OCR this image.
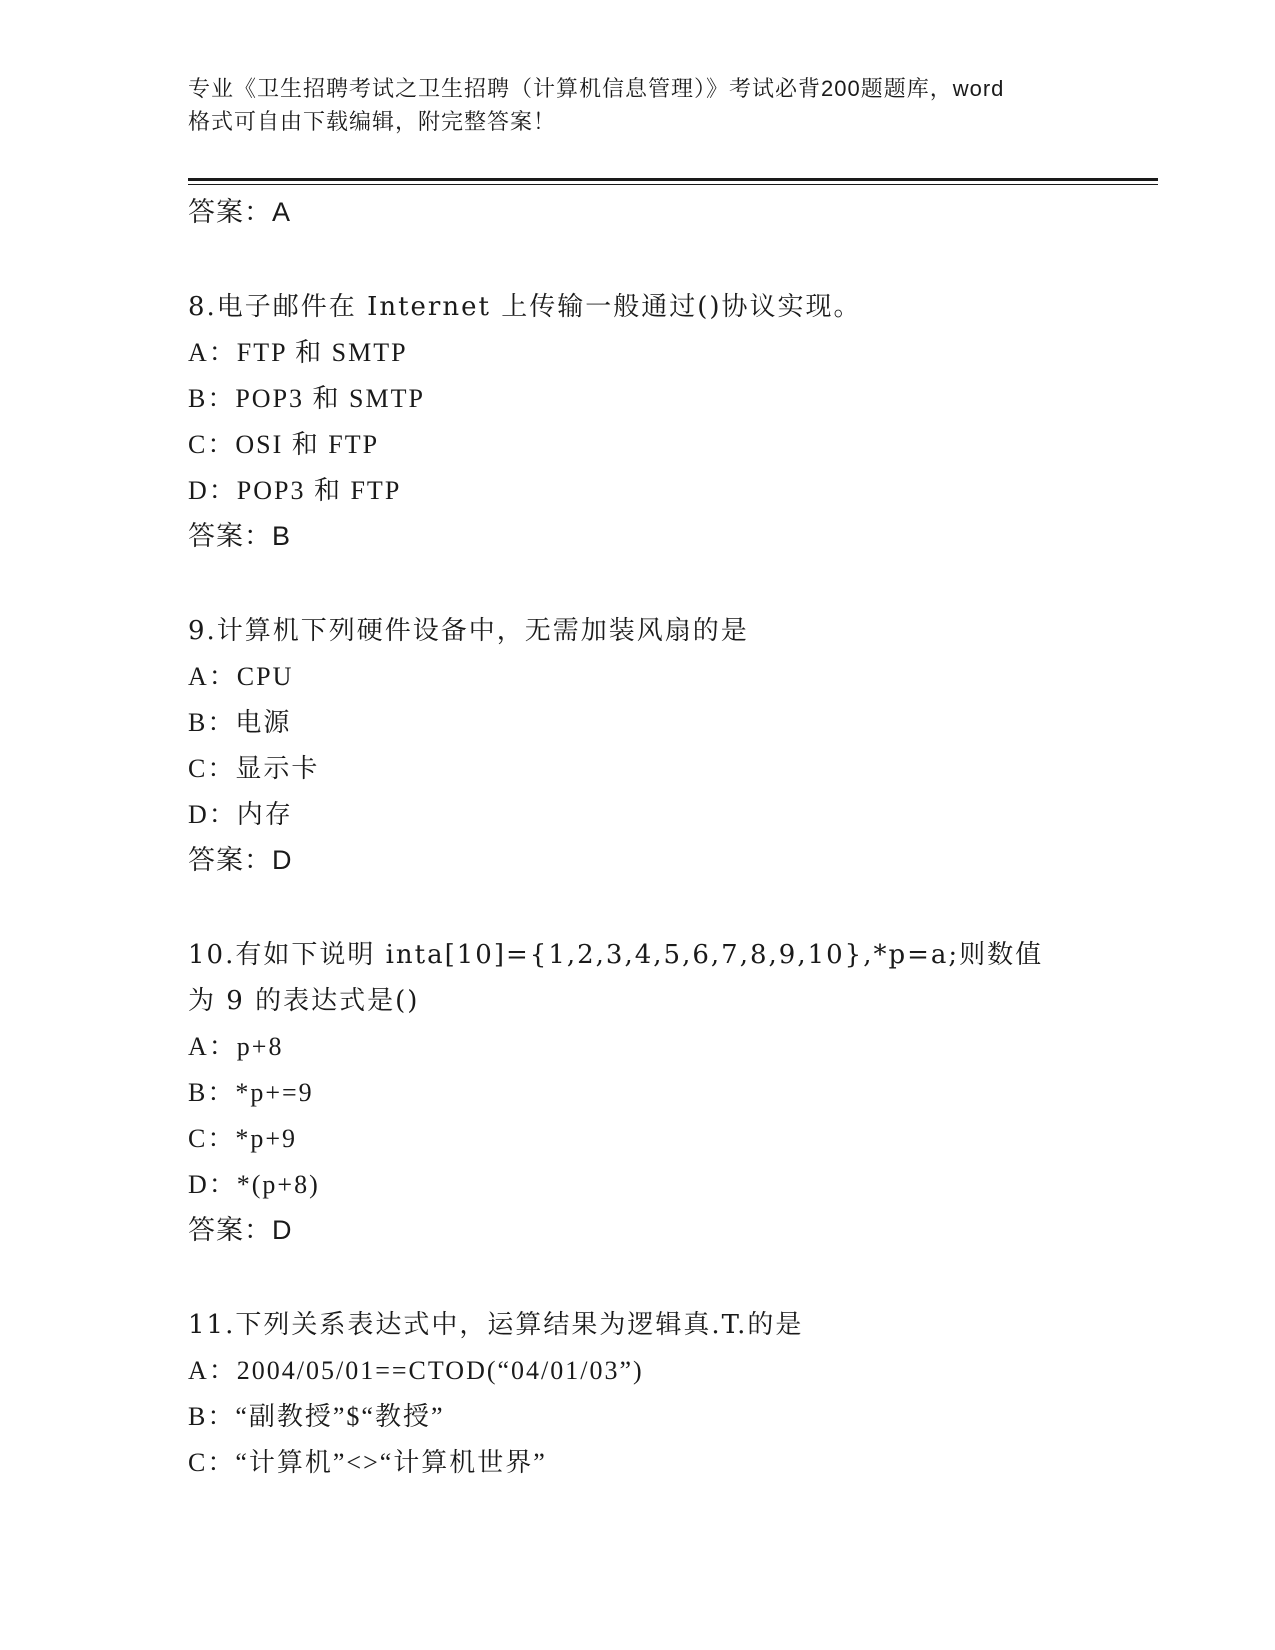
专业《卫生招聘考试之卫生招聘（计算机信息管理）》考试必背200题题库，word
格式可自由下载编辑，附完整答案！
答案：A
8.电子邮件在 Internet 上传输一般通过()协议实现。
A：FTP 和 SMTP
B：POP3 和 SMTP
C：OSI 和 FTP
D：POP3 和 FTP
答案：B
9.计算机下列硬件设备中，无需加装风扇的是
A：CPU
B：电源
C：显示卡
D：内存
答案：D
10.有如下说明 inta[10]={1,2,3,4,5,6,7,8,9,10},*p=a;则数值为 9 的表达式是()
A：p+8
B：*p+=9
C：*p+9
D：*(p+8)
答案：D
11.下列关系表达式中，运算结果为逻辑真.T.的是
A：2004/05/01==CTOD(“04/01/03”)
B：“副教授”$“教授”
C：“计算机”<>“计算机世界”
